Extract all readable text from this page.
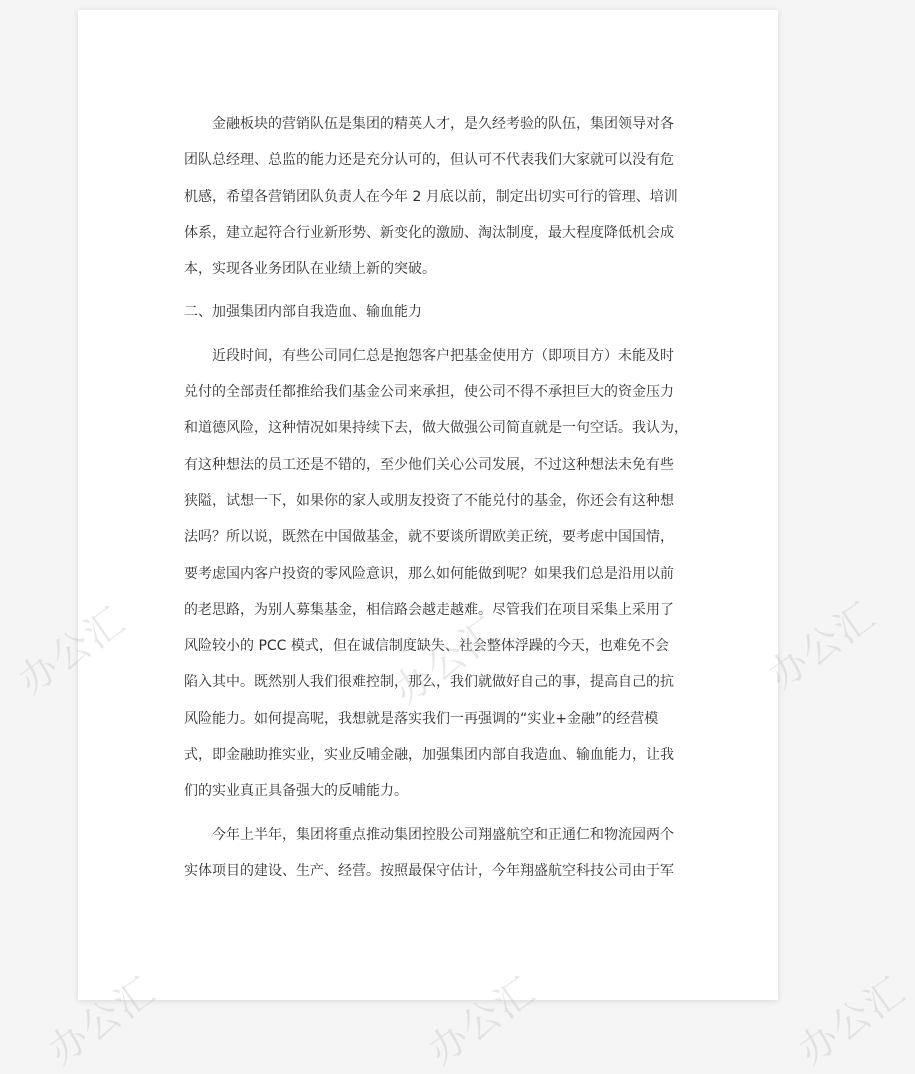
金融板块的营销队伍是集团的精英人才，是久经考验的队伍，集团领导对各
团队总经理、总监的能力还是充分认可的，但认可不代表我们大家就可以没有危
机感，希望各营销团队负责人在今年 2 月底以前，制定出切实可行的管理、培训
体系，建立起符合行业新形势、新变化的激励、淘汰制度，最大程度降低机会成
本，实现各业务团队在业绩上新的突破。
二、加强集团内部自我造血、输血能力
近段时间，有些公司同仁总是抱怨客户把基金使用方（即项目方）未能及时
兑付的全部责任都推给我们基金公司来承担，使公司不得不承担巨大的资金压力
和道德风险，这种情况如果持续下去，做大做强公司简直就是一句空话。我认为，
有这种想法的员工还是不错的，至少他们关心公司发展，不过这种想法未免有些
狭隘，试想一下，如果你的家人或朋友投资了不能兑付的基金，你还会有这种想
法吗？所以说，既然在中国做基金，就不要谈所谓欧美正统，要考虑中国国情，
要考虑国内客户投资的零风险意识，那么如何能做到呢？如果我们总是沿用以前
的老思路，为别人募集基金，相信路会越走越难。尽管我们在项目采集上采用了
风险较小的 PCC 模式，但在诚信制度缺失、社会整体浮躁的今天，也难免不会
陷入其中。既然别人我们很难控制，那么，我们就做好自己的事，提高自己的抗
风险能力。如何提高呢，我想就是落实我们一再强调的“实业+金融”的经营模
式，即金融助推实业，实业反哺金融，加强集团内部自我造血、输血能力，让我
们的实业真正具备强大的反哺能力。
今年上半年，集团将重点推动集团控股公司翔盛航空和正通仁和物流园两个
实体项目的建设、生产、经营。按照最保守估计，今年翔盛航空科技公司由于军
办公汇	办公汇	办公汇
办公汇	办公汇	办公汇
